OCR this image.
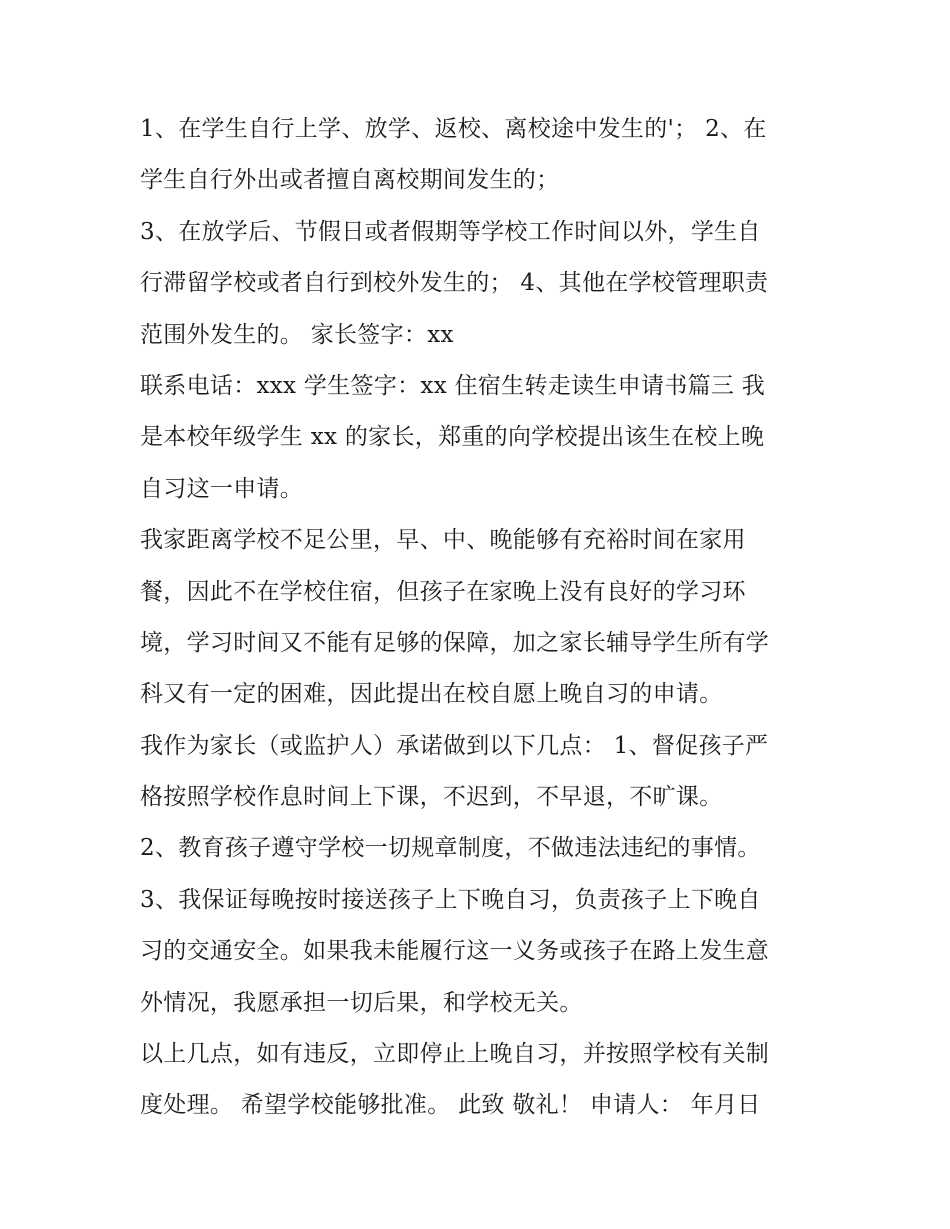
1、在学生自行上学、放学、返校、离校途中发生的'； 2、在
学生自行外出或者擅自离校期间发生的；
3、在放学后、节假日或者假期等学校工作时间以外，学生自
行滞留学校或者自行到校外发生的； 4、其他在学校管理职责
范围外发生的。 家长签字：xx
联系电话：xxx 学生签字：xx 住宿生转走读生申请书篇三 我
是本校年级学生 xx 的家长，郑重的向学校提出该生在校上晚
自习这一申请。
我家距离学校不足公里，早、中、晚能够有充裕时间在家用
餐，因此不在学校住宿，但孩子在家晚上没有良好的学习环
境，学习时间又不能有足够的保障，加之家长辅导学生所有学
科又有一定的困难，因此提出在校自愿上晚自习的申请。
我作为家长（或监护人）承诺做到以下几点： 1、督促孩子严
格按照学校作息时间上下课，不迟到，不早退，不旷课。
2、教育孩子遵守学校一切规章制度，不做违法违纪的事情。
3、我保证每晚按时接送孩子上下晚自习，负责孩子上下晚自
习的交通安全。如果我未能履行这一义务或孩子在路上发生意
外情况，我愿承担一切后果，和学校无关。
以上几点，如有违反，立即停止上晚自习，并按照学校有关制
度处理。 希望学校能够批准。 此致 敬礼！ 申请人： 年月日
